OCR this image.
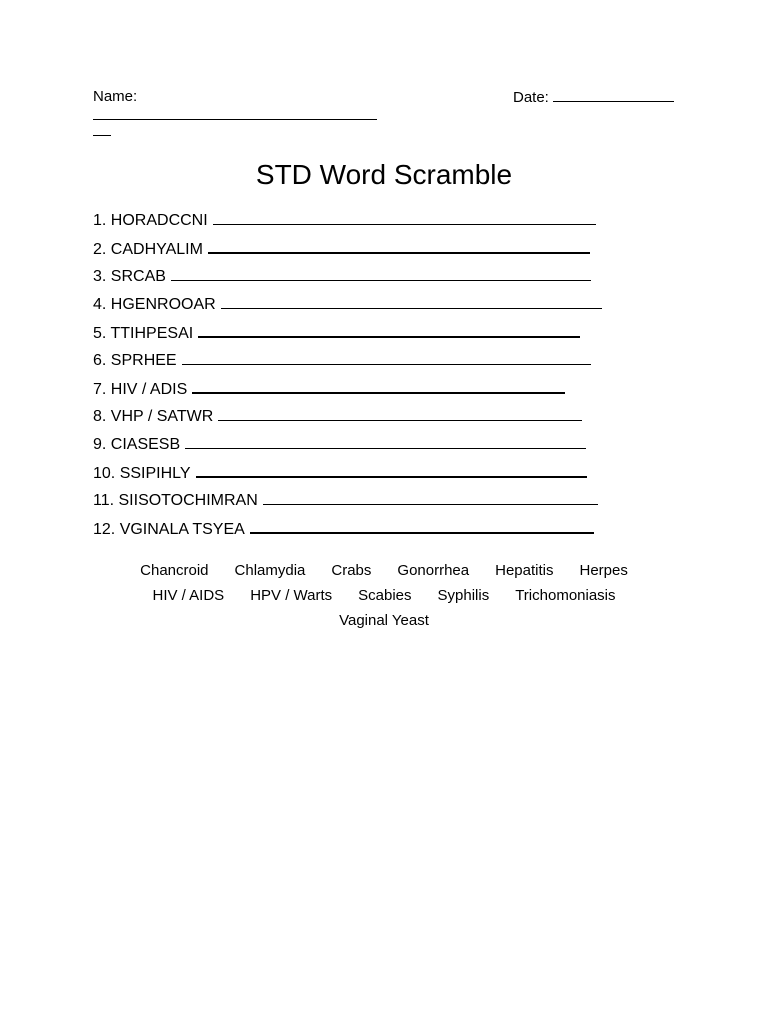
Name:	Date:
STD Word Scramble
1. HORADCCNI
2. CADHYALIM
3. SRCAB
4. HGENROOAR
5. TTIHPESAI
6. SPRHEE
7. HIV / ADIS
8. VHP / SATWR
9. CIASESB
10. SSIPIHLY
11. SIISOTOCHIMRAN
12. VGINALA TSYEA
Chancroid Chlamydia Crabs Gonorrhea Hepatitis Herpes
HIV / AIDS HPV / Warts Scabies Syphilis Trichomoniasis
Vaginal Yeast
